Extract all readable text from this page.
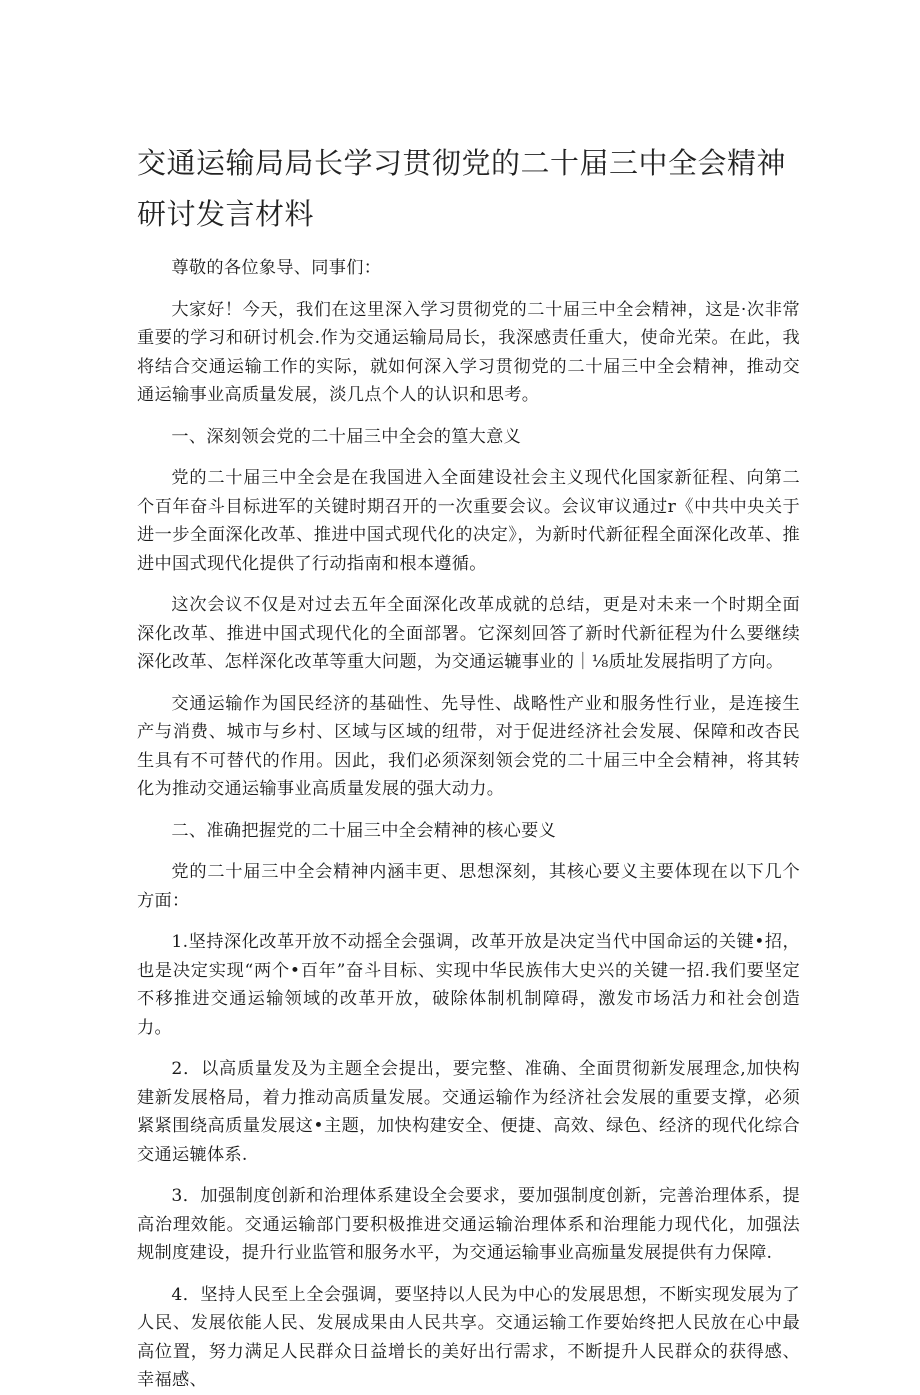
交通运输局局长学习贯彻党的二十届三中全会精神研讨发言材料

尊敬的各位象导、同事们：

大家好！今天，我们在这里深入学习贯彻党的二十届三中全会精神，这是·次非常重要的学习和研讨机会.作为交通运输局局长，我深感责任重大，使命光荣。在此，我将结合交通运输工作的实际，就如何深入学习贯彻党的二十届三中全会精神，推动交通运输事业高质量发展，淡几点个人的认识和思考。

一、深刻领会党的二十届三中全会的篁大意义

党的二十届三中全会是在我国进入全面建设社会主义现代化国家新征程、向第二个百年奋斗目标进军的关键时期召开的一次重要会议。会议审议通过r《中共中央关于进一步全面深化改革、推进中国式现代化的决定》，为新时代新征程全面深化改革、推进中国式现代化提供了行动指南和根本遵循。

这次会议不仅是对过去五年全面深化改革成就的总结，更是对未来一个时期全面深化改革、推进中国式现代化的全面部署。它深刻回答了新时代新征程为什么要继续深化改革、怎样深化改革等重大问题，为交通运辘事业的｜⅛质址发展指明了方向。

交通运输作为国民经济的基础性、先导性、战略性产业和服务性行业，是连接生产与消费、城市与乡村、区域与区域的纽带，对于促进经济社会发展、保障和改杏民生具有不可替代的作用。因此，我们必须深刻领会党的二十届三中全会精神，将其转化为推动交通运输事业高质量发展的强大动力。

二、准确把握党的二十届三中全会精神的核心要义

党的二十届三中全会精神内涵丰更、思想深刻，其核心要义主要体现在以下几个方面：

1.坚持深化改革开放不动摇全会强调，改革开放是决定当代中国命运的关键•招，也是决定实现“两个•百年”奋斗目标、实现中华民族伟大史兴的关键一招.我们要坚定不移推进交通运输领域的改革开放，破除体制机制障碍，激发市场活力和社会创造力。

2．以高质量发及为主题全会提出，要完整、准确、全面贯彻新发展理念,加快构建新发展格局，着力推动高质量发展。交通运输作为经济社会发展的重要支撑，必须紧紧围绕高质量发展这•主题，加快构建安全、便捷、高效、绿色、经济的现代化综合交通运辘体系.

3．加强制度创新和治理体系建设全会要求，要加强制度创新，完善治理体系，提高治理效能。交通运输部门要积极推进交通运输治理体系和治理能力现代化，加强法规制度建设，提升行业监管和服务水平，为交通运输事业高痂量发展提供有力保障.

4．坚持人民至上全会强调，要坚持以人民为中心的发展思想，不断实现发展为了人民、发展依能人民、发展成果由人民共享。交通运输工作要始终把人民放在心中最高位置，努力满足人民群众日益增长的美好出行需求，不断提升人民群众的获得感、幸福感、
